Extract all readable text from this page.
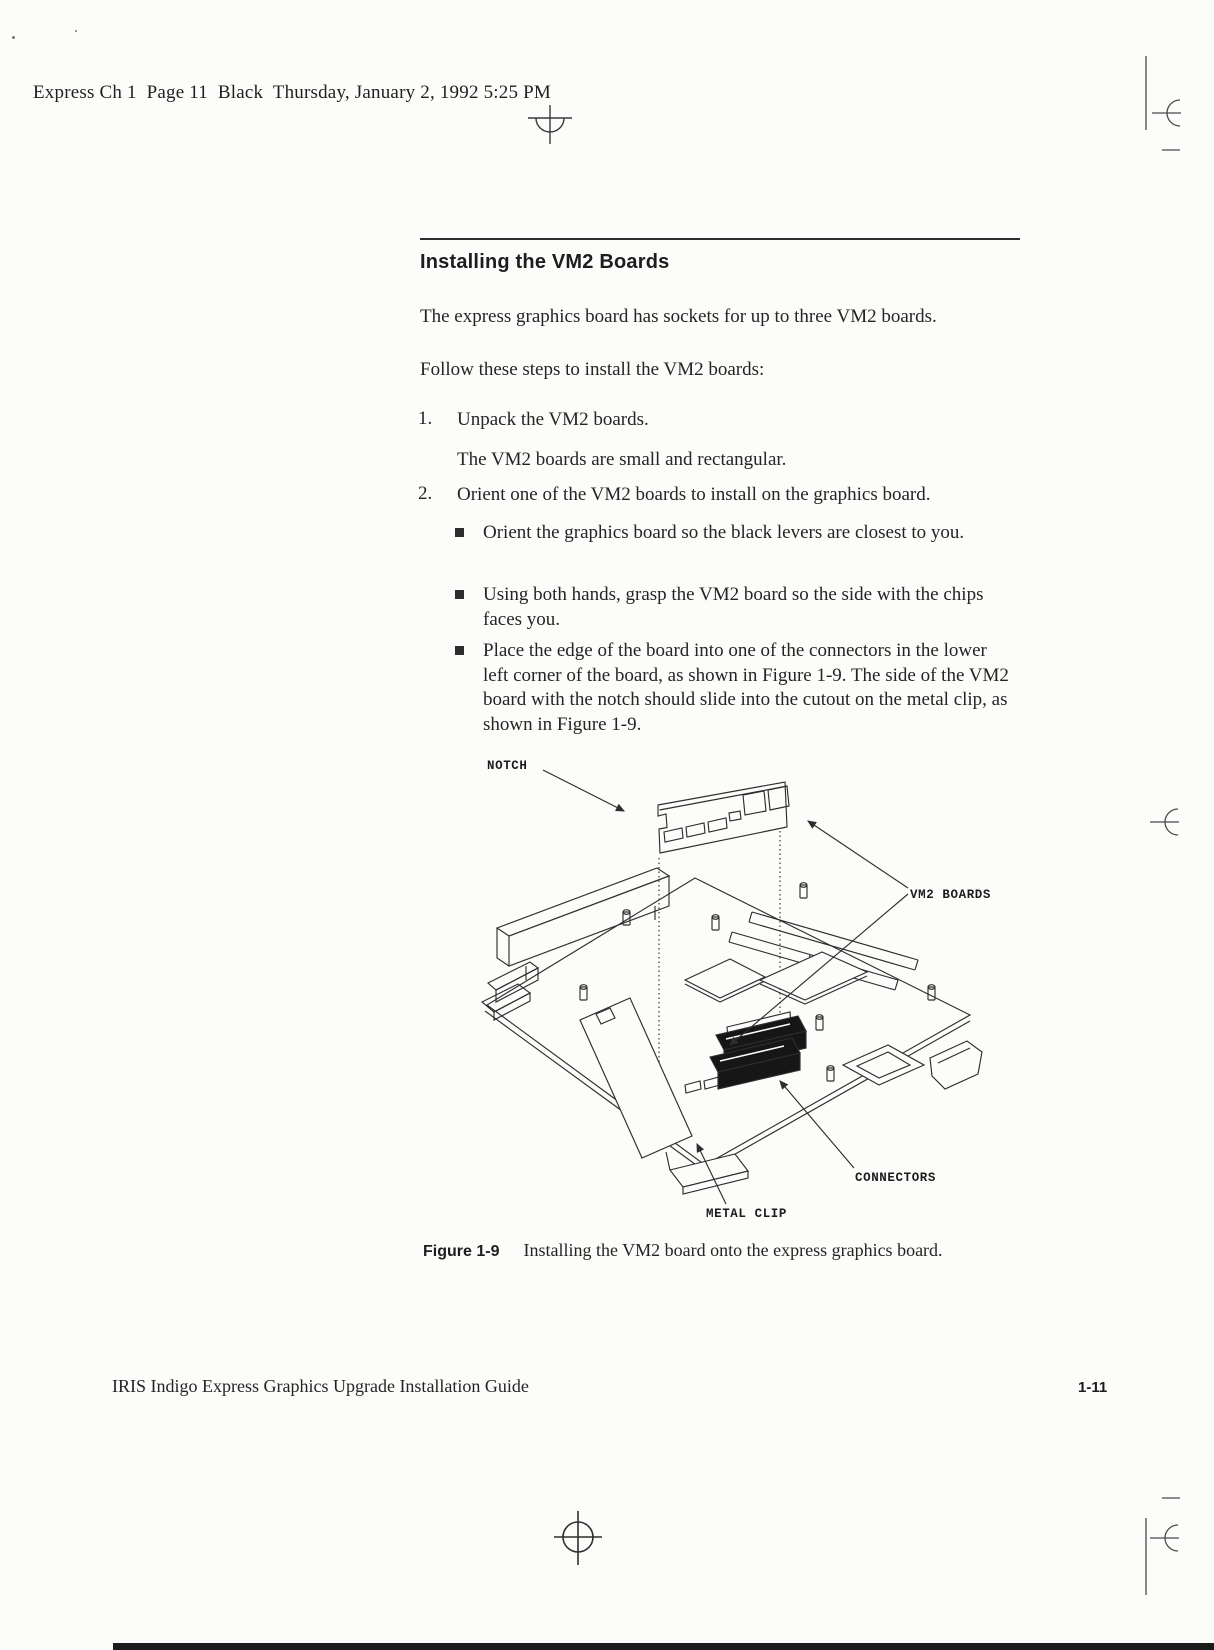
Express Ch 1  Page 11  Black  Thursday, January 2, 1992 5:25 PM
Installing the VM2 Boards
The express graphics board has sockets for up to three VM2 boards.
Follow these steps to install the VM2 boards:
1. Unpack the VM2 boards.
The VM2 boards are small and rectangular.
2. Orient one of the VM2 boards to install on the graphics board.
Orient the graphics board so the black levers are closest to you.
Using both hands, grasp the VM2 board so the side with the chips faces you.
Place the edge of the board into one of the connectors in the lower left corner of the board, as shown in Figure 1-9. The side of the VM2 board with the notch should slide into the cutout on the metal clip, as shown in Figure 1-9.
NOTCH
VM2 BOARDS
CONNECTORS
METAL CLIP
Figure 1-9 Installing the VM2 board onto the express graphics board.
IRIS Indigo Express Graphics Upgrade Installation Guide	1-11
